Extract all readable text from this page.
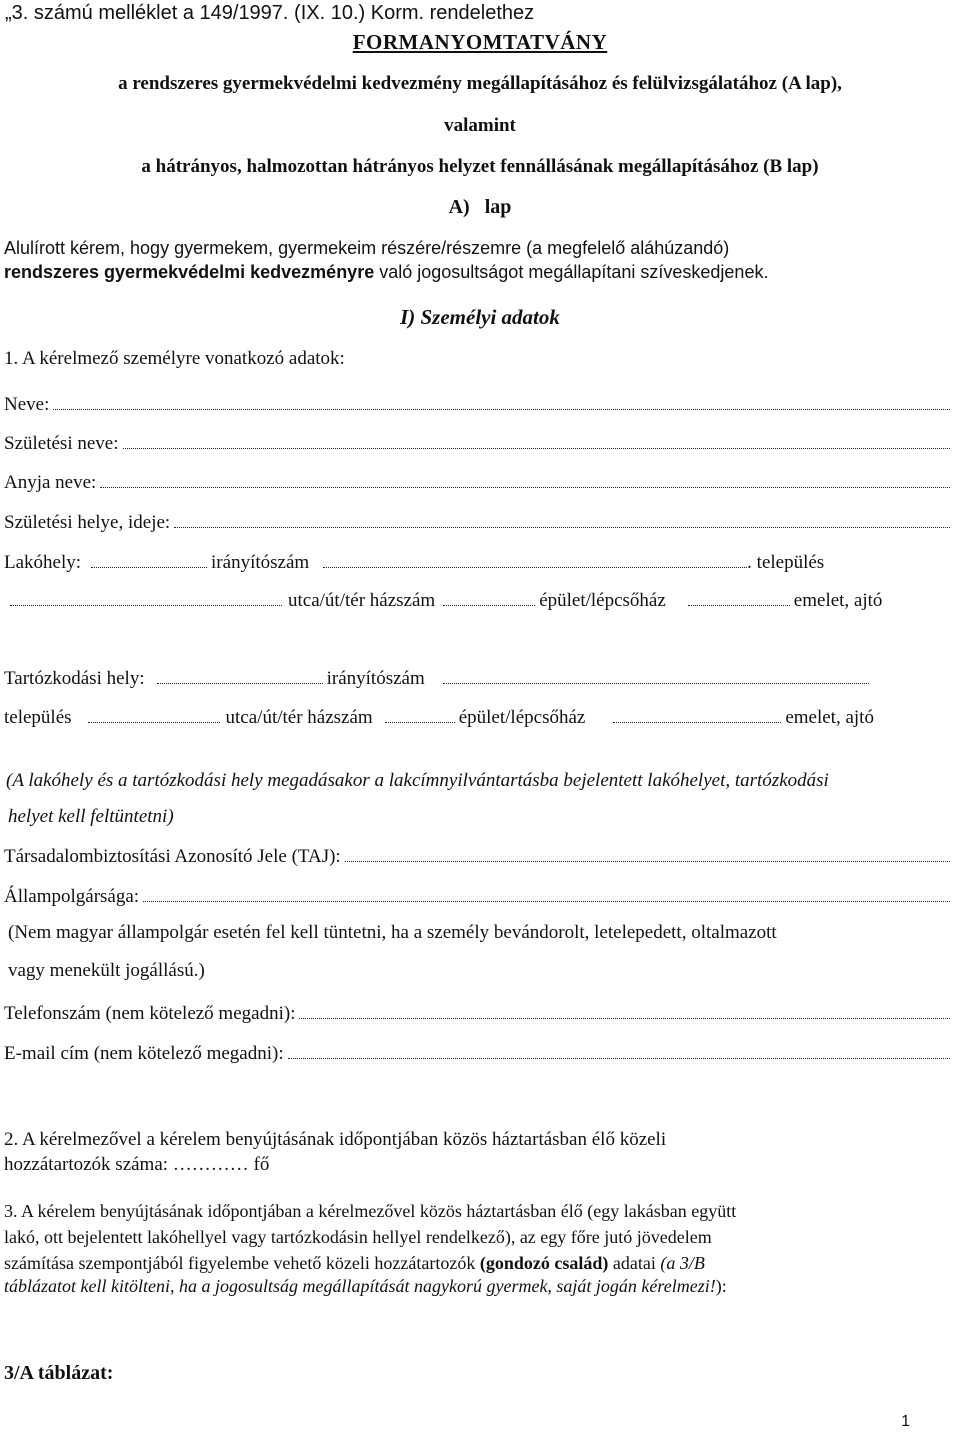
„3. számú melléklet a 149/1997. (IX. 10.) Korm. rendelethez
FORMANYOMTATVÁNY
a rendszeres gyermekvédelmi kedvezmény megállapításához és felülvizsgálatához (A lap),
valamint
a hátrányos, halmozottan hátrányos helyzet fennállásának megállapításához (B lap)
A)   lap
Alulírott kérem, hogy gyermekem, gyermekeim részére/részemre (a megfelelő aláhúzandó)
rendszeres gyermekvédelmi kedvezményre való jogosultságot megállapítani szíveskedjenek.
I) Személyi adatok
1. A kérelmező személyre vonatkozó adatok:
Neve:
Születési neve:
Anyja neve:
Születési helye, ideje:
Lakóhely:	irányítószám	. település
utca/út/tér házszám	épület/lépcsőház	emelet, ajtó
Tartózkodási hely:	irányítószám
település	utca/út/tér házszám	épület/lépcsőház	emelet, ajtó
(A lakóhely és a tartózkodási hely megadásakor a lakcímnyilvántartásba bejelentett lakóhelyet, tartózkodási
helyet kell feltüntetni)
Társadalombiztosítási Azonosító Jele (TAJ):
Állampolgársága:
(Nem magyar állampolgár esetén fel kell tüntetni, ha a személy bevándorolt, letelepedett, oltalmazott
vagy menekült jogállású.)
Telefonszám (nem kötelező megadni):
E-mail cím (nem kötelező megadni):
2. A kérelmezővel a kérelem benyújtásának időpontjában közös háztartásban élő közeli
hozzátartozók száma: ………… fő
3. A kérelem benyújtásának időpontjában a kérelmezővel közös háztartásban élő (egy lakásban együtt
lakó, ott bejelentett lakóhellyel vagy tartózkodásin hellyel rendelkező), az egy főre jutó jövedelem
számítása szempontjából figyelembe vehető közeli hozzátartozók (gondozó család) adatai (a 3/B
táblázatot kell kitölteni, ha a jogosultság megállapítását nagykorú gyermek, saját jogán kérelmezi!):
3/A táblázat:
1
